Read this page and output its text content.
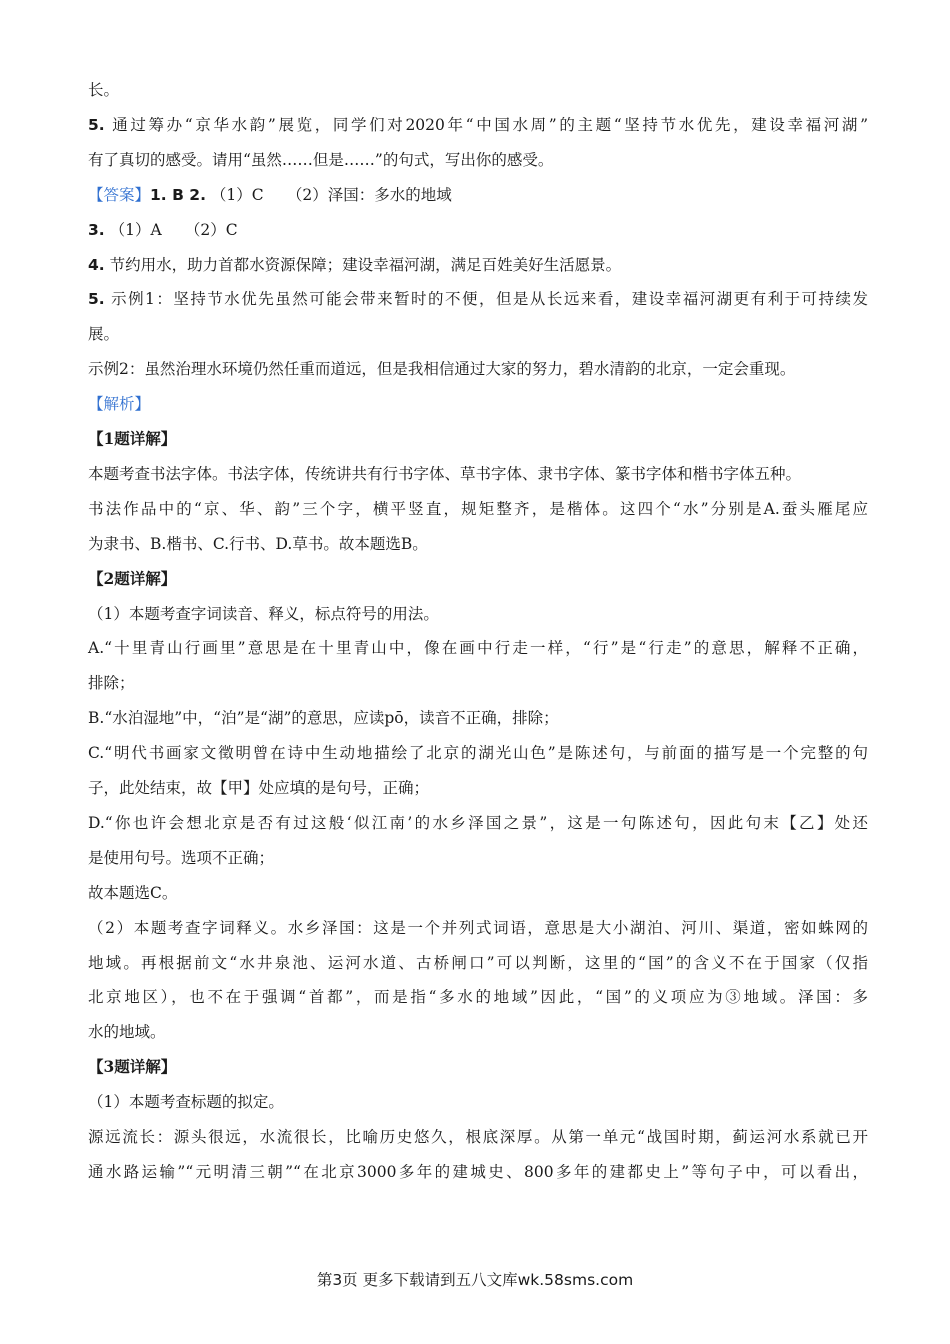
长。
5. 通过筹办“京华水韵”展览，同学们对2020年“中国水周”的主题“坚持节水优先，建设幸福河湖”
有了真切的感受。请用“虽然……但是……”的句式，写出你的感受。
【答案】1. B 2. （1）C　　（2）泽国：多水的地域
3. （1）A　　（2）C
4. 节约用水，助力首都水资源保障；建设幸福河湖，满足百姓美好生活愿景。
5. 示例1：坚持节水优先虽然可能会带来暂时的不便，但是从长远来看，建设幸福河湖更有利于可持续发
展。
示例2：虽然治理水环境仍然任重而道远，但是我相信通过大家的努力，碧水清韵的北京，一定会重现。
【解析】
【1题详解】
本题考查书法字体。书法字体，传统讲共有行书字体、草书字体、隶书字体、篆书字体和楷书字体五种。
书法作品中的“京、华、韵”三个字，横平竖直，规矩整齐，是楷体。这四个“水”分别是A.蚕头雁尾应
为隶书、B.楷书、C.行书、D.草书。故本题选B。
【2题详解】
（1）本题考查字词读音、释义，标点符号的用法。
A.“十里青山行画里”意思是在十里青山中，像在画中行走一样，“行”是“行走”的意思，解释不正确，
排除；
B.“水泊湿地”中，“泊”是“湖”的意思，应读pō，读音不正确，排除；
C.“明代书画家文徵明曾在诗中生动地描绘了北京的湖光山色”是陈述句，与前面的描写是一个完整的句
子，此处结束，故【甲】处应填的是句号，正确；
D.“你也许会想北京是否有过这般‘似江南’的水乡泽国之景”，这是一句陈述句，因此句末【乙】处还
是使用句号。选项不正确；
故本题选C。
（2）本题考查字词释义。水乡泽国：这是一个并列式词语，意思是大小湖泊、河川、渠道，密如蛛网的
地域。再根据前文“水井泉池、运河水道、古桥闸口”可以判断，这里的“国”的含义不在于国家（仅指
北京地区），也不在于强调“首都”，而是指“多水的地域”因此，“国”的义项应为③地域。泽国：多
水的地域。
【3题详解】
（1）本题考查标题的拟定。
源远流长：源头很远，水流很长，比喻历史悠久，根底深厚。从第一单元“战国时期，蓟运河水系就已开
通水路运输”“元明清三朝”“在北京3000多年的建城史、800多年的建都史上”等句子中，可以看出，
第3页 更多下载请到五八文库wk.58sms.com
